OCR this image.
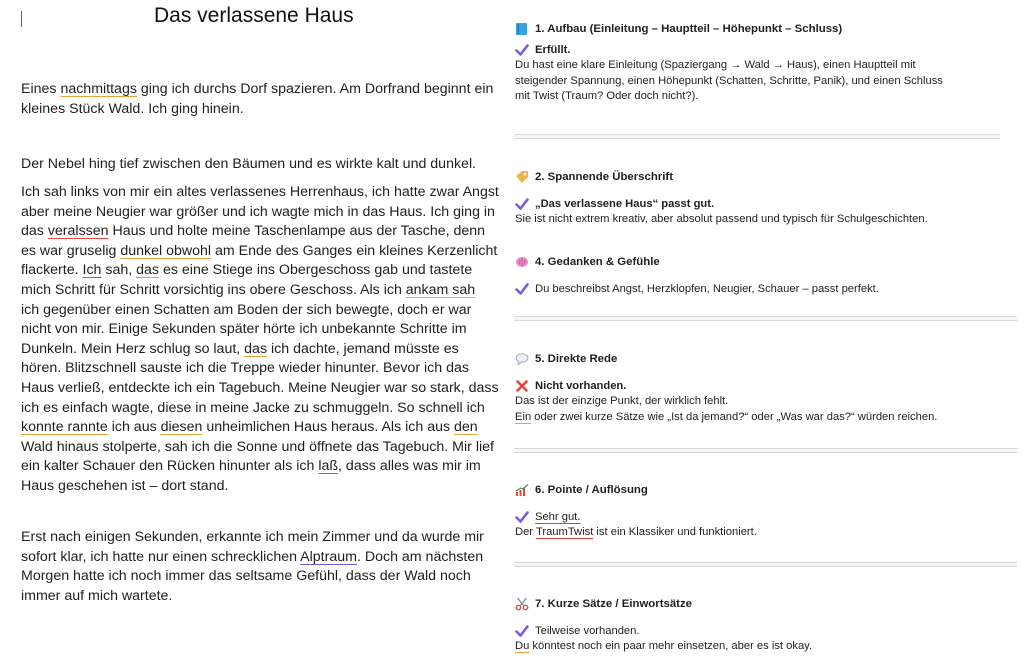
Das verlassene Haus
Eines nachmittags ging ich durchs Dorf spazieren. Am Dorfrand beginnt ein
kleines Stück Wald. Ich ging hinein.
Der Nebel hing tief zwischen den Bäumen und es wirkte kalt und dunkel.
Ich sah links von mir ein altes verlassenes Herrenhaus, ich hatte zwar Angst
aber meine Neugier war größer und ich wagte mich in das Haus. Ich ging in
das veralssen Haus und holte meine Taschenlampe aus der Tasche, denn
es war gruselig dunkel obwohl am Ende des Ganges ein kleines Kerzenlicht
flackerte. Ich sah, das es eine Stiege ins Obergeschoss gab und tastete
mich Schritt für Schritt vorsichtig ins obere Geschoss. Als ich ankam sah
ich gegenüber einen Schatten am Boden der sich bewegte, doch er war
nicht von mir. Einige Sekunden später hörte ich unbekannte Schritte im
Dunkeln. Mein Herz schlug so laut, das ich dachte, jemand müsste es
hören. Blitzschnell sauste ich die Treppe wieder hinunter. Bevor ich das
Haus verließ, entdeckte ich ein Tagebuch. Meine Neugier war so stark, dass
ich es einfach wagte, diese in meine Jacke zu schmuggeln. So schnell ich
konnte rannte ich aus diesen unheimlichen Haus heraus. Als ich aus den
Wald hinaus stolperte, sah ich die Sonne und öffnete das Tagebuch. Mir lief
ein kalter Schauer den Rücken hinunter als ich laß, dass alles was mir im
Haus geschehen ist – dort stand.
Erst nach einigen Sekunden, erkannte ich mein Zimmer und da wurde mir
sofort klar, ich hatte nur einen schrecklichen Alptraum. Doch am nächsten
Morgen hatte ich noch immer das seltsame Gefühl, dass der Wald noch
immer auf mich wartete.
1. Aufbau (Einleitung – Hauptteil – Höhepunkt – Schluss)
Erfüllt.
Du hast eine klare Einleitung (Spaziergang → Wald → Haus), einen Hauptteil mit
steigender Spannung, einen Höhepunkt (Schatten, Schritte, Panik), und einen Schluss
mit Twist (Traum? Oder doch nicht?).
2. Spannende Überschrift
„Das verlassene Haus“ passt gut.
Sie ist nicht extrem kreativ, aber absolut passend und typisch für Schulgeschichten.
4. Gedanken & Gefühle
Du beschreibst Angst, Herzklopfen, Neugier, Schauer – passt perfekt.
5. Direkte Rede
Nicht vorhanden.
Das ist der einzige Punkt, der wirklich fehlt.
Ein oder zwei kurze Sätze wie „Ist da jemand?“ oder „Was war das?“ würden reichen.
6. Pointe / Auflösung
Sehr gut.
Der TraumTwist ist ein Klassiker und funktioniert.
7. Kurze Sätze / Einwortsätze
Teilweise vorhanden.
Du könntest noch ein paar mehr einsetzen, aber es ist okay.
